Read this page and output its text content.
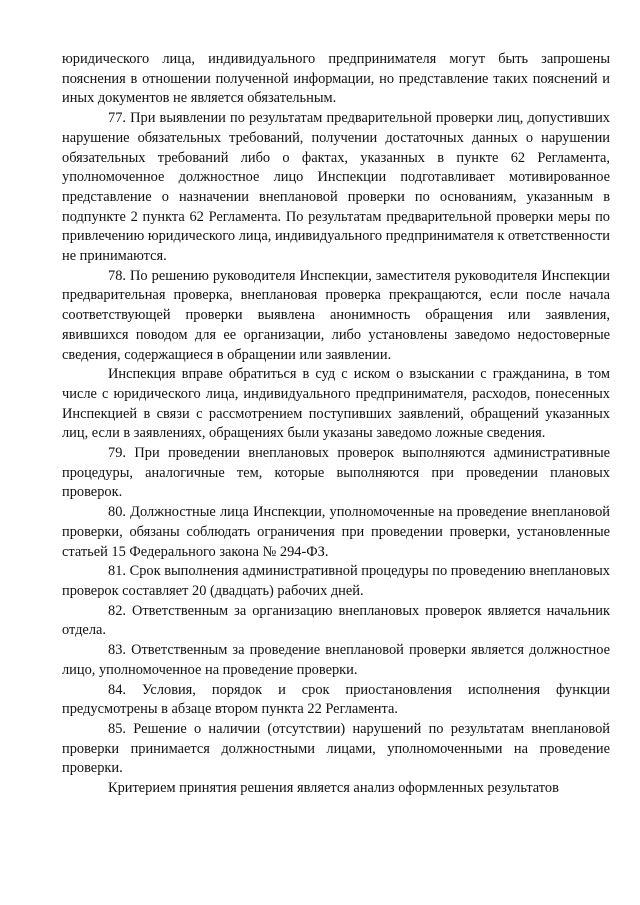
юридического лица, индивидуального предпринимателя могут быть запрошены пояснения в отношении полученной информации, но представление таких пояснений и иных документов не является обязательным.

77. При выявлении по результатам предварительной проверки лиц, допустивших нарушение обязательных требований, получении достаточных данных о нарушении обязательных требований либо о фактах, указанных в пункте 62 Регламента, уполномоченное должностное лицо Инспекции подготавливает мотивированное представление о назначении внеплановой проверки по основаниям, указанным в подпункте 2 пункта 62 Регламента. По результатам предварительной проверки меры по привлечению юридического лица, индивидуального предпринимателя к ответственности не принимаются.

78. По решению руководителя Инспекции, заместителя руководителя Инспекции предварительная проверка, внеплановая проверка прекращаются, если после начала соответствующей проверки выявлена анонимность обращения или заявления, явившихся поводом для ее организации, либо установлены заведомо недостоверные сведения, содержащиеся в обращении или заявлении.

Инспекция вправе обратиться в суд с иском о взыскании с гражданина, в том числе с юридического лица, индивидуального предпринимателя, расходов, понесенных Инспекцией в связи с рассмотрением поступивших заявлений, обращений указанных лиц, если в заявлениях, обращениях были указаны заведомо ложные сведения.

79. При проведении внеплановых проверок выполняются административные процедуры, аналогичные тем, которые выполняются при проведении плановых проверок.

80. Должностные лица Инспекции, уполномоченные на проведение внеплановой проверки, обязаны соблюдать ограничения при проведении проверки, установленные статьей 15 Федерального закона № 294-ФЗ.

81. Срок выполнения административной процедуры по проведению внеплановых проверок составляет 20 (двадцать) рабочих дней.

82. Ответственным за организацию внеплановых проверок является начальник отдела.

83. Ответственным за проведение внеплановой проверки является должностное лицо, уполномоченное на проведение проверки.

84. Условия, порядок и срок приостановления исполнения функции предусмотрены в абзаце втором пункта 22 Регламента.

85. Решение о наличии (отсутствии) нарушений по результатам внеплановой проверки принимается должностными лицами, уполномоченными на проведение проверки.

Критерием принятия решения является анализ оформленных результатов
